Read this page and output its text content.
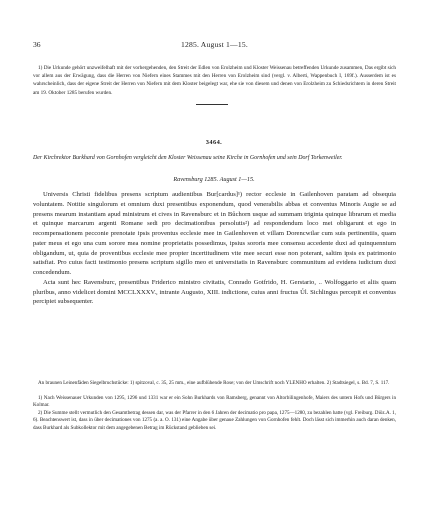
36	1285. August 1—15.
1) Die Urkunde gehört unzweifelhaft mit der vorhergehenden, den Streit der Edlen von Erolzheim und Kloster Weissenau betreffenden Urkunde zusammen, Das ergibt sich vor allem aus der Erwägung, dass die Herren von Niefern eines Stammes mit den Herren von Erolzheim sind (vergl. v. Alberti, Wappenbuch I, 169f.). Ausserdem ist es wahrscheinlich, dass der eigene Streit der Herren von Niefern mit dem Kloster beigelegt war, ehe sie von diesem und denen von Erolzheim zu Schiedsrichtern in deren Streit am 19. Oktober 1285 berufen wurden.
3464.
Der Kirchrektor Burkhard von Gornhofen vergleicht den Kloster Weissenau seine Kirche in Gornhofen und sein Dorf Torkenweiler.
Ravensburg 1285. August 1—15.

Universis Christi fidelibus presens scriptum audientibus Bur[cardus]¹) rector ecclesie in Gailenhoven paratam ad obsequia voluntatem. Notitie singulorum et omnium duxi presentibus exponendum, quod venerabilis abbas et conventus Minoris Augie se ad presens mearum instantiam apud ministrum et cives in Ravensburc et in Bůchorn usque ad summam triginta quinque librarum et media et quinque marcarum argenti Romane sedi pro decimationibus persolutis²) ad respondendum loco mei obligarunt et ego in recompensationem pecconie prenotate ipsis proventus ecclesie mee in Gailenhoven et villam Dorencwilar cum suis pertinentiis, quam pater meus et ego una cum sorore mea nomine proprietatis possedimus, ipsius sororis mee consensu accedente duxi ad quinquennium obligandum, ut, quia de proventibus ecclesie mee propter incertitudinem vite mee securi esse non poterant, saltim ipsis ex patrimonio satisfiat. Pro cuius facti testimonio presens scriptum sigillo meo et universitatis in Ravensburc communitum ad evidens iudicium duxi concedendum.

Acta sunt hec Ravensburc, presentibus Friderico ministro civitatis, Conrado Gotfrido, H. Gerstario, .. Wolfoggario et aliis quam pluribus, anno videlicet domini MCCLXXXV., intrante Augusto, XIII. indictione, cuius anni fructus Ůl. Sichlingus percepit et conventus percipiet subsequenter.

An braunen Leinenfäden Siegelbruchstücke: 1) spitzoval, c. 35, 25 mm., eine aufblühende Rose; von der Umschrift noch YLENHO erhalten. 2) Stadtsiegel, s. Bd. 7, S. 117.

1) Nach Weissenauer Urkunden von 1295, 1296 und 1331 war er ein Sohn Burkhards von Ramsberg, genannt von Altorbilingenhofe, Maiers des untern Hofs und Bürgers in Kolmar.

2) Die Summe stellt vermutlich den Gesamtbetrag dessen dar, was der Pfarrer in den 6 Jahren der decimatio pro papa, 1275—1280, zu bezahlen hatte (vgl. Freiburg. Diöz.A. 1, 6). Beachtenswert ist, dass in über decimationes von 1275 (a. a. O. 131) eine Angabe über genaue Zahlungen von Gornhofen fehlt. Doch lässt sich immerhin auch daran denken, dass Burkhard als Subkollektor mit dem angegebenen Betrag im Rückstand geblieben sei.
